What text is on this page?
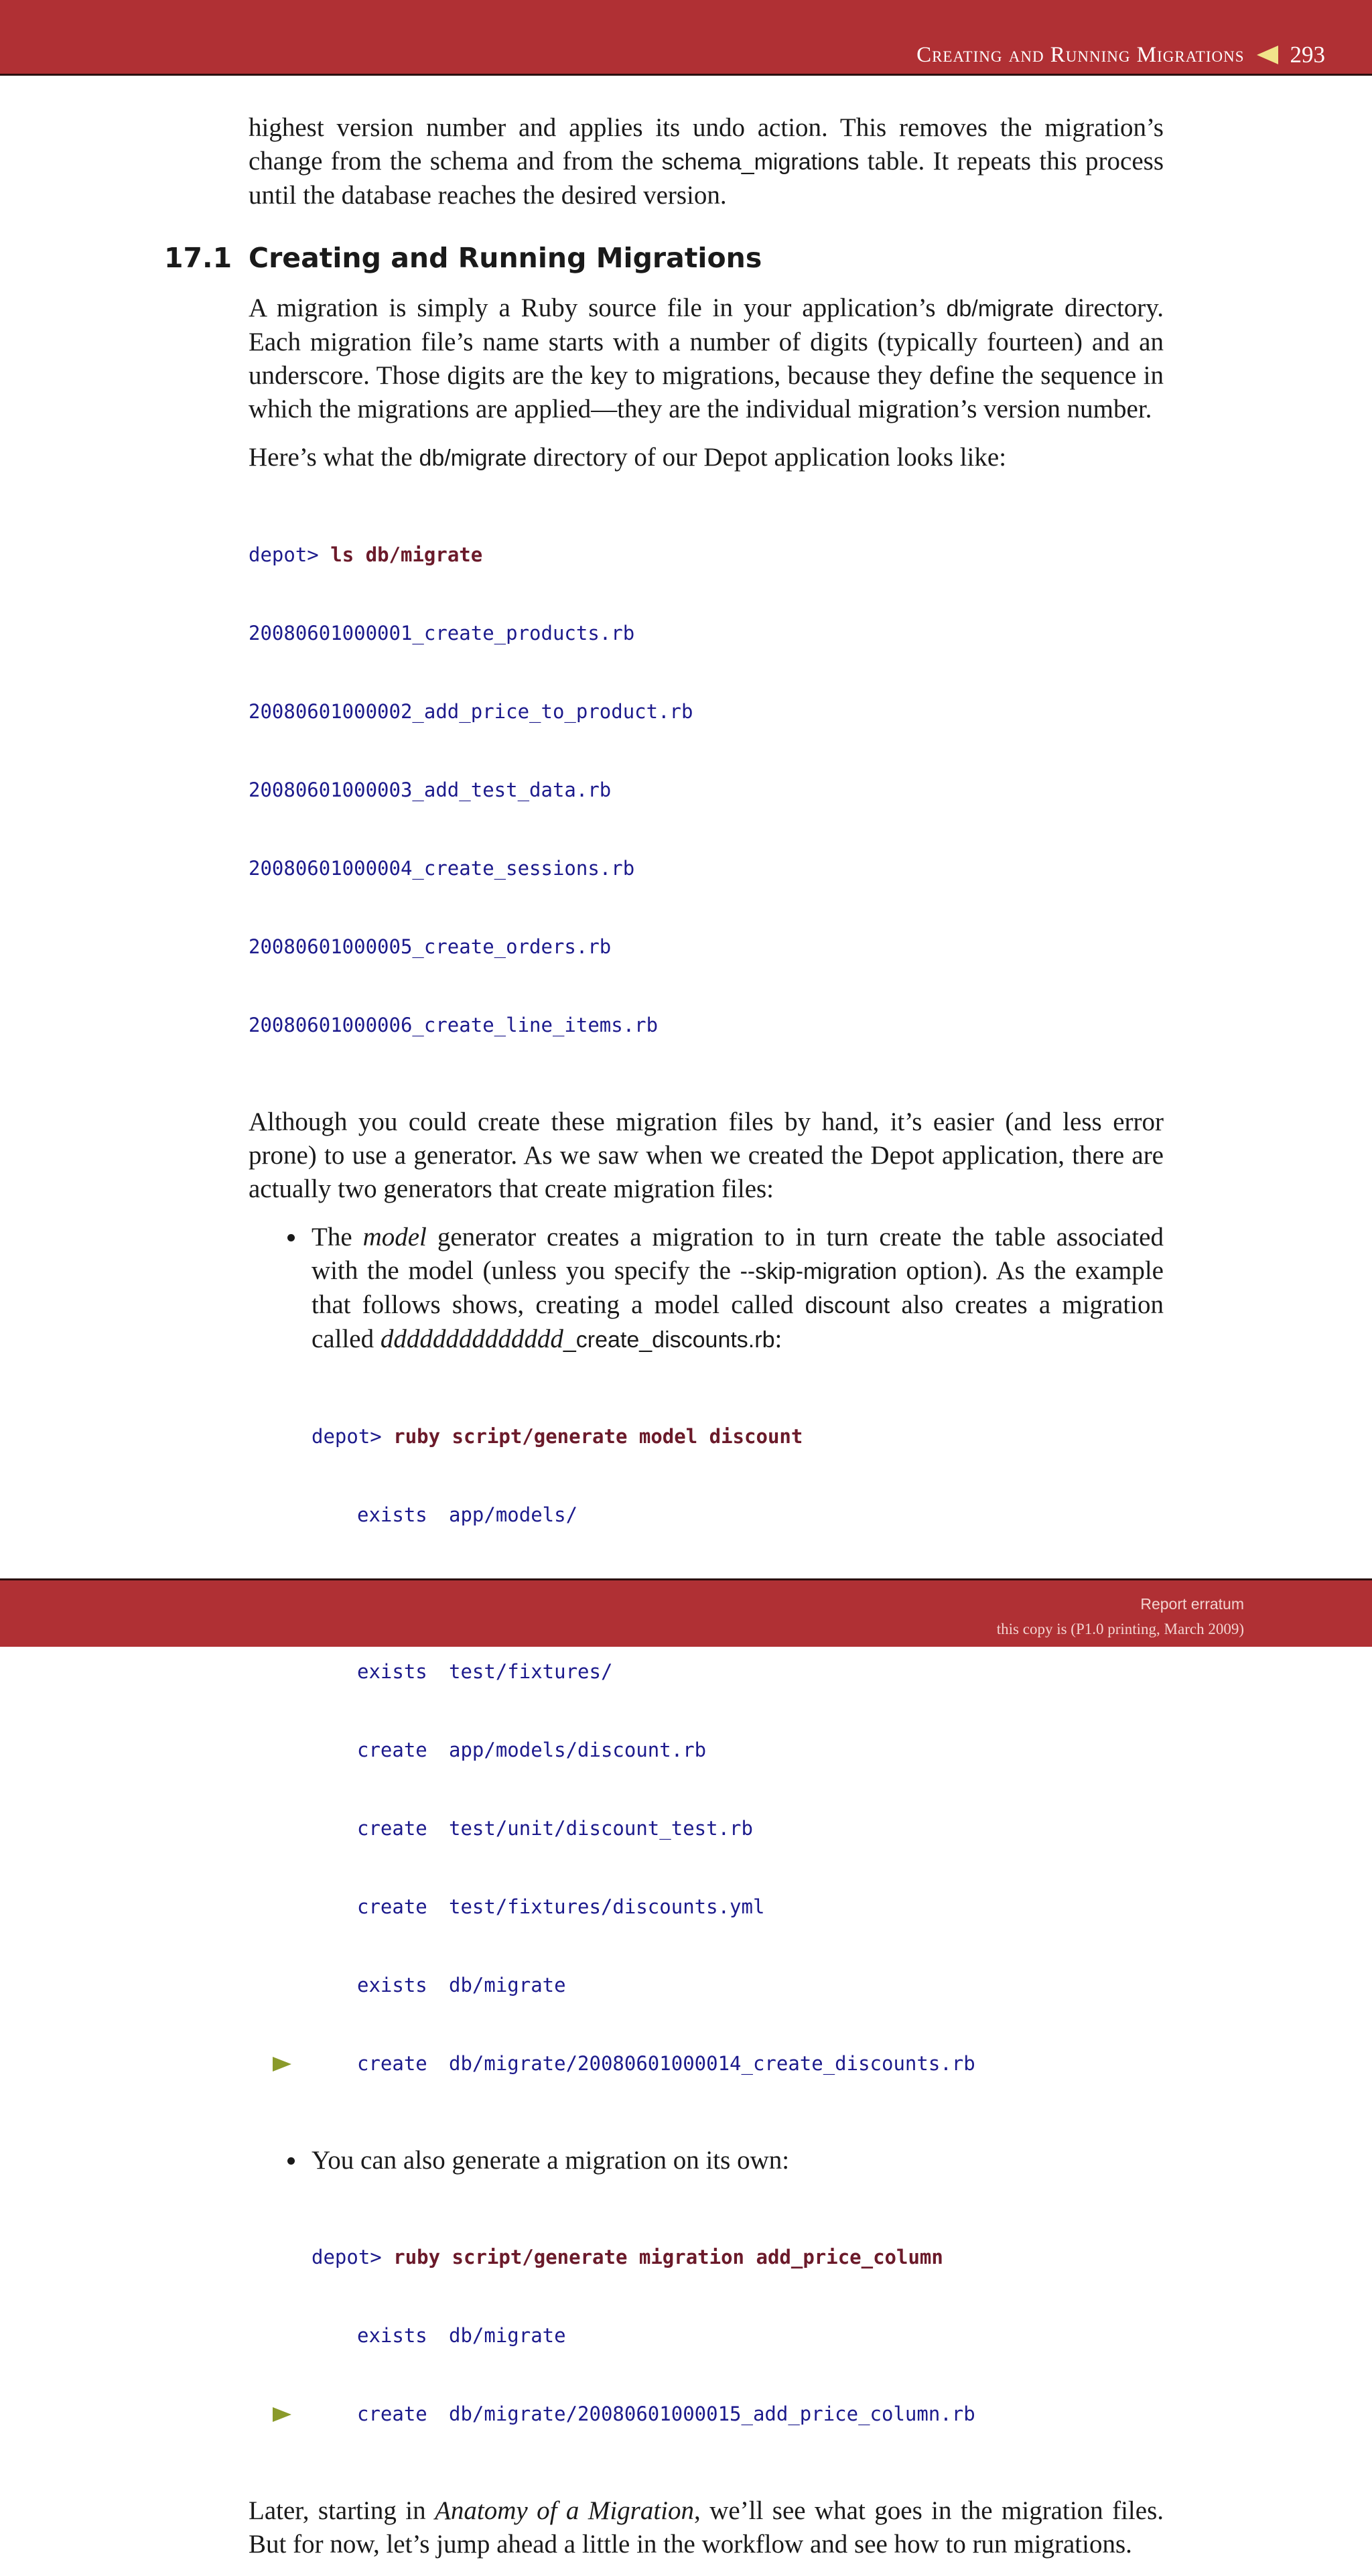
Creating and Running Migrations 293

highest version number and applies its undo action. This removes the migration’s change from the schema and from the schema_migrations table. It repeats this process until the database reaches the desired version.

17.1 Creating and Running Migrations

A migration is simply a Ruby source file in your application’s db/migrate directory. Each migration file’s name starts with a number of digits (typically fourteen) and an underscore. Those digits are the key to migrations, because they define the sequence in which the migrations are applied—they are the individual migration’s version number.

Here’s what the db/migrate directory of our Depot application looks like:

depot> ls db/migrate

20080601000001_create_products.rb

20080601000002_add_price_to_product.rb

20080601000003_add_test_data.rb

20080601000004_create_sessions.rb

20080601000005_create_orders.rb

20080601000006_create_line_items.rb

Although you could create these migration files by hand, it’s easier (and less error prone) to use a generator. As we saw when we created the Depot application, there are actually two generators that create migration files:

The model generator creates a migration to in turn create the table associated with the model (unless you specify the --skip-migration option). As the example that follows shows, creating a model called discount also creates a migration called dddddddddddddd_create_discounts.rb:

depot> ruby script/generate model discount

exists app/models/

exists test/fixtures/

create app/models/discount.rb

create test/unit/discount_test.rb

create test/fixtures/discounts.yml

exists db/migrate

create db/migrate/20080601000014_create_discounts.rb

You can also generate a migration on its own:

depot> ruby script/generate migration add_price_column

exists db/migrate

create db/migrate/20080601000015_add_price_column.rb

Later, starting in Anatomy of a Migration, we’ll see what goes in the migration files. But for now, let’s jump ahead a little in the workflow and see how to run migrations.

Report erratum
this copy is (P1.0 printing, March 2009)
